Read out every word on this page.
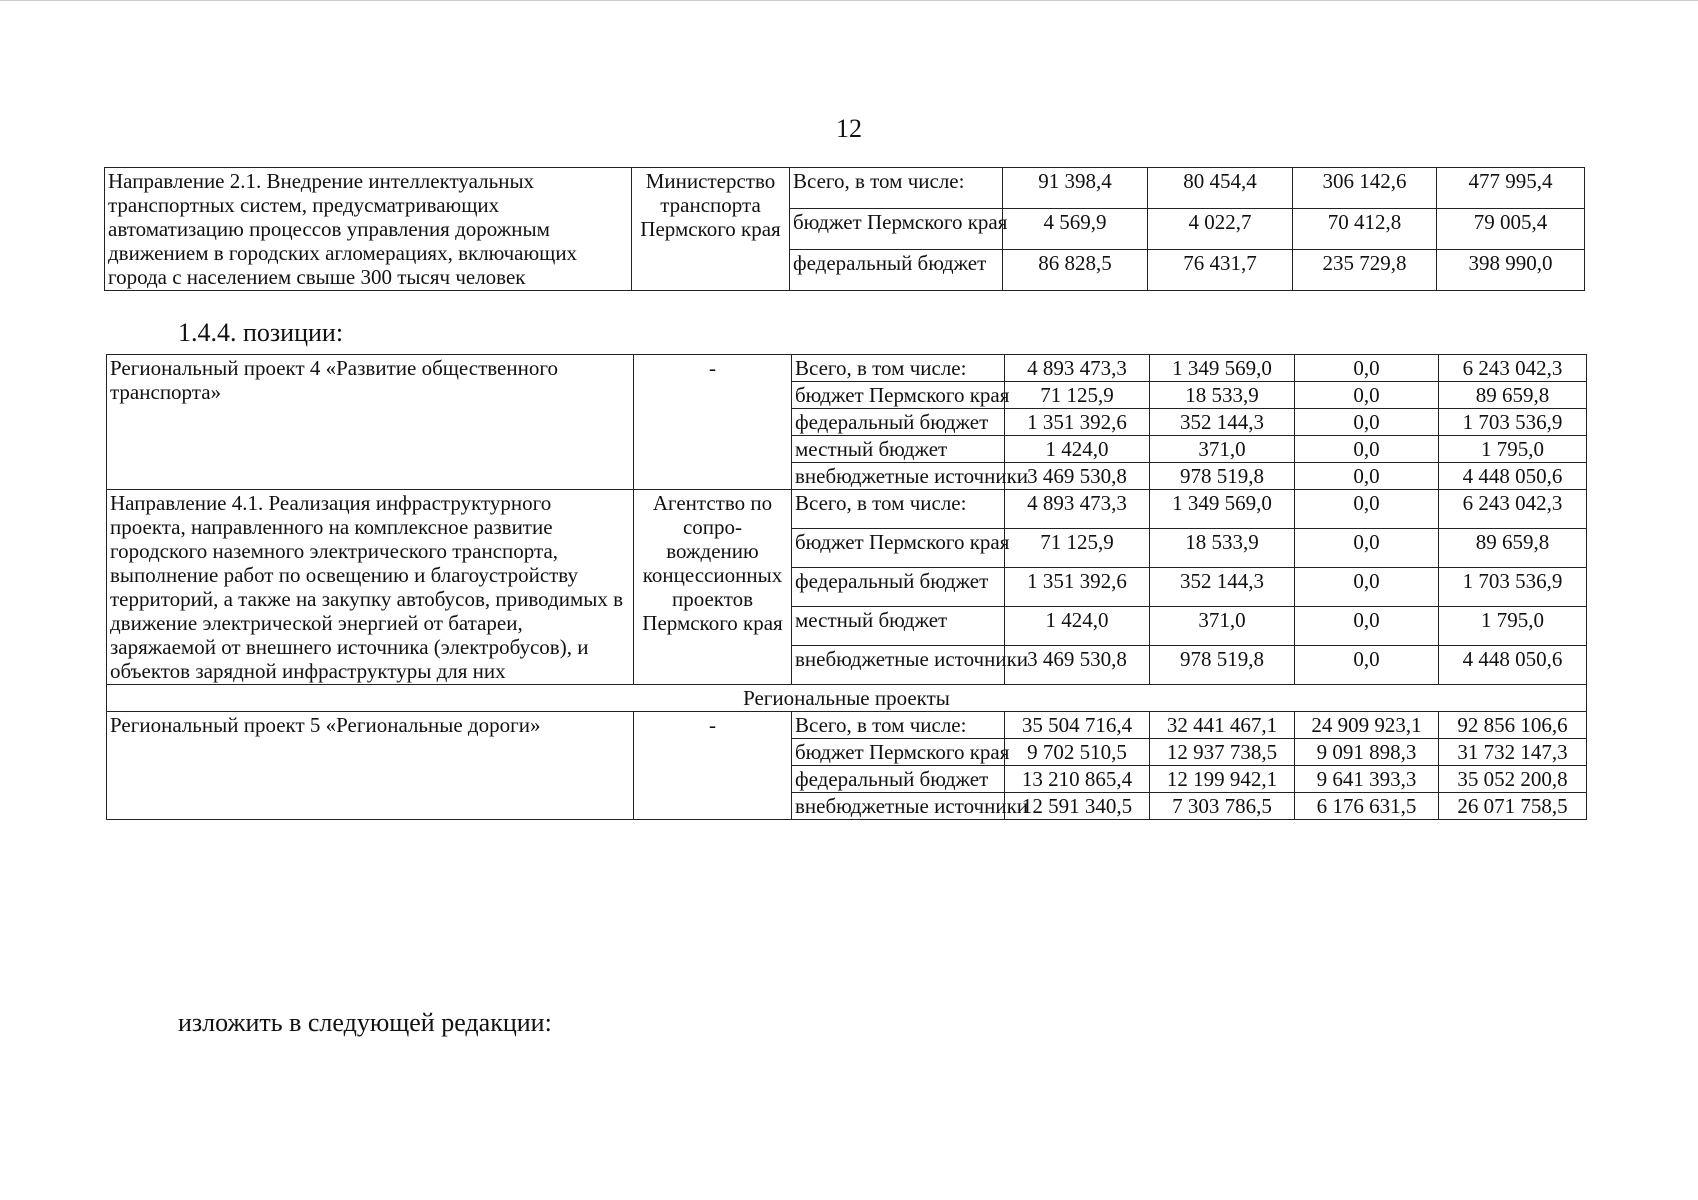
12
Направление 2.1. Внедрение интеллектуальных транспортных систем, предусматривающих автоматизацию процессов управления дорожным движением в городских агломерациях, включающих города с населением свыше 300 тысяч человек	Министерство транспорта Пермского края	Всего, в том числе:	91 398,4	80 454,4	306 142,6	477 995,4
		бюджет Пермского края	4 569,9	4 022,7	70 412,8	79 005,4
		федеральный бюджет	86 828,5	76 431,7	235 729,8	398 990,0
1.4.4. позиции:
Региональный проект 4 «Развитие общественного транспорта»	-	Всего, в том числе:	4 893 473,3	1 349 569,0	0,0	6 243 042,3
		бюджет Пермского края	71 125,9	18 533,9	0,0	89 659,8
		федеральный бюджет	1 351 392,6	352 144,3	0,0	1 703 536,9
		местный бюджет	1 424,0	371,0	0,0	1 795,0
		внебюджетные источники	3 469 530,8	978 519,8	0,0	4 448 050,6
Направление 4.1. Реализация инфраструктурного проекта, направленного на комплексное развитие городского наземного электрического транспорта, выполнение работ по освещению и благоустройству территорий, а также на закупку автобусов, приводимых в движение электрической энергией от батареи, заряжаемой от внешнего источника (электробусов), и объектов зарядной инфраструктуры для них	Агентство по сопро- вождению концессионных проектов Пермского края	Всего, в том числе:	4 893 473,3	1 349 569,0	0,0	6 243 042,3
		бюджет Пермского края	71 125,9	18 533,9	0,0	89 659,8
		федеральный бюджет	1 351 392,6	352 144,3	0,0	1 703 536,9
		местный бюджет	1 424,0	371,0	0,0	1 795,0
		внебюджетные источники	3 469 530,8	978 519,8	0,0	4 448 050,6
Региональные проекты						
Региональный проект 5 «Региональные дороги»	-	Всего, в том числе:	35 504 716,4	32 441 467,1	24 909 923,1	92 856 106,6
		бюджет Пермского края	9 702 510,5	12 937 738,5	9 091 898,3	31 732 147,3
		федеральный бюджет	13 210 865,4	12 199 942,1	9 641 393,3	35 052 200,8
		внебюджетные источники	12 591 340,5	7 303 786,5	6 176 631,5	26 071 758,5
изложить в следующей редакции:
